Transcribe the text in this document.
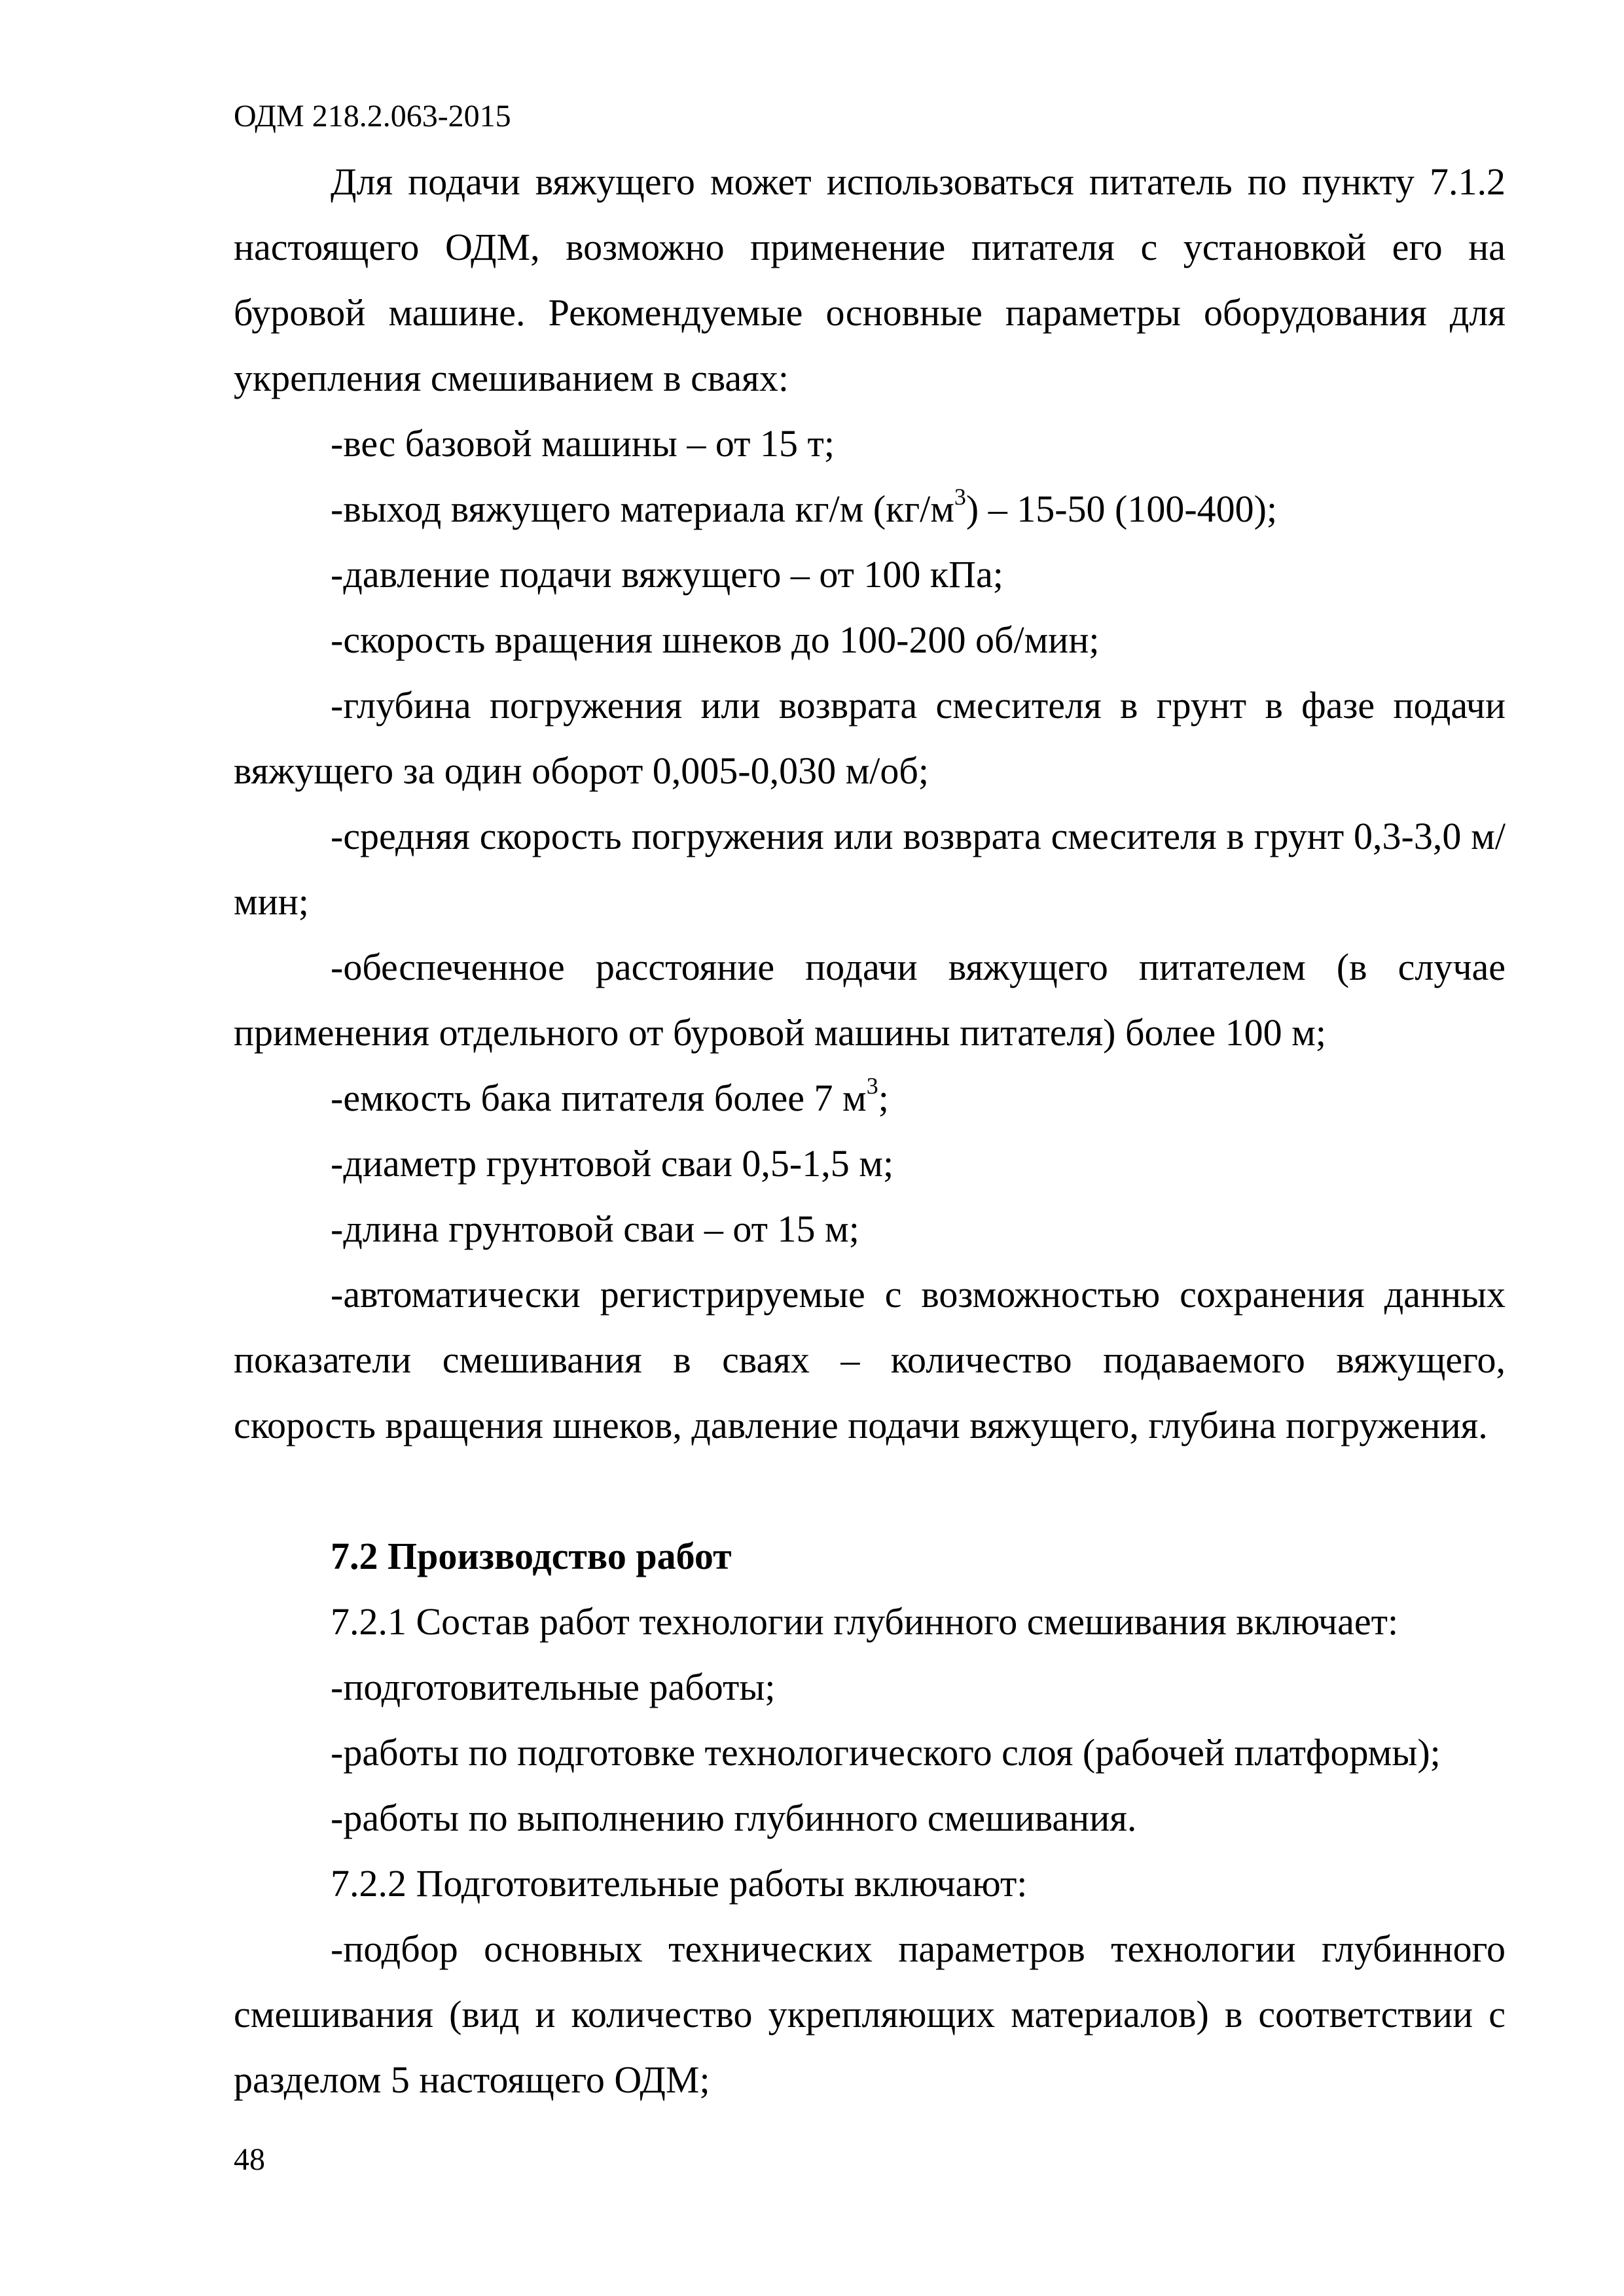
ОДМ 218.2.063-2015

Для подачи вяжущего может использоваться питатель по пункту 7.1.2 настоящего ОДМ, возможно применение питателя с установкой его на буровой машине. Рекомендуемые основные параметры оборудования для укрепления смешиванием в сваях:

-вес базовой машины – от 15 т;

-выход вяжущего материала кг/м $(кг/м^3) - 15-50$ (100-400);

-давление подачи вяжущего – от 100 кПа;

-скорость вращения шнеков до 100-200 об/мин;

-глубина погружения или возврата смесителя в грунт в фазе подачи вяжущего за один оборот 0,005-0,030 м/об;

-средняя скорость погружения или возврата смесителя в грунт 0,3-3,0 м/мин;

-обеспеченное расстояние подачи вяжущего питателем (в случае применения отдельного от буровой машины питателя) более 100 м;

-емкость бака питателя более 7 $м^3$;

-диаметр грунтовой сваи 0,5-1,5 м;

-длина грунтовой сваи – от 15 м;

-автоматически регистрируемые с возможностью сохранения данных показатели смешивания в сваях – количество подаваемого вяжущего, скорость вращения шнеков, давление подачи вяжущего, глубина погружения.

7.2 Производство работ

7.2.1 Состав работ технологии глубинного смешивания включает:

-подготовительные работы;

-работы по подготовке технологического слоя (рабочей платформы);

-работы по выполнению глубинного смешивания.

7.2.2 Подготовительные работы включают:

-подбор основных технических параметров технологии глубинного смешивания (вид и количество укрепляющих материалов) в соответствии с разделом 5 настоящего ОДМ;

48
